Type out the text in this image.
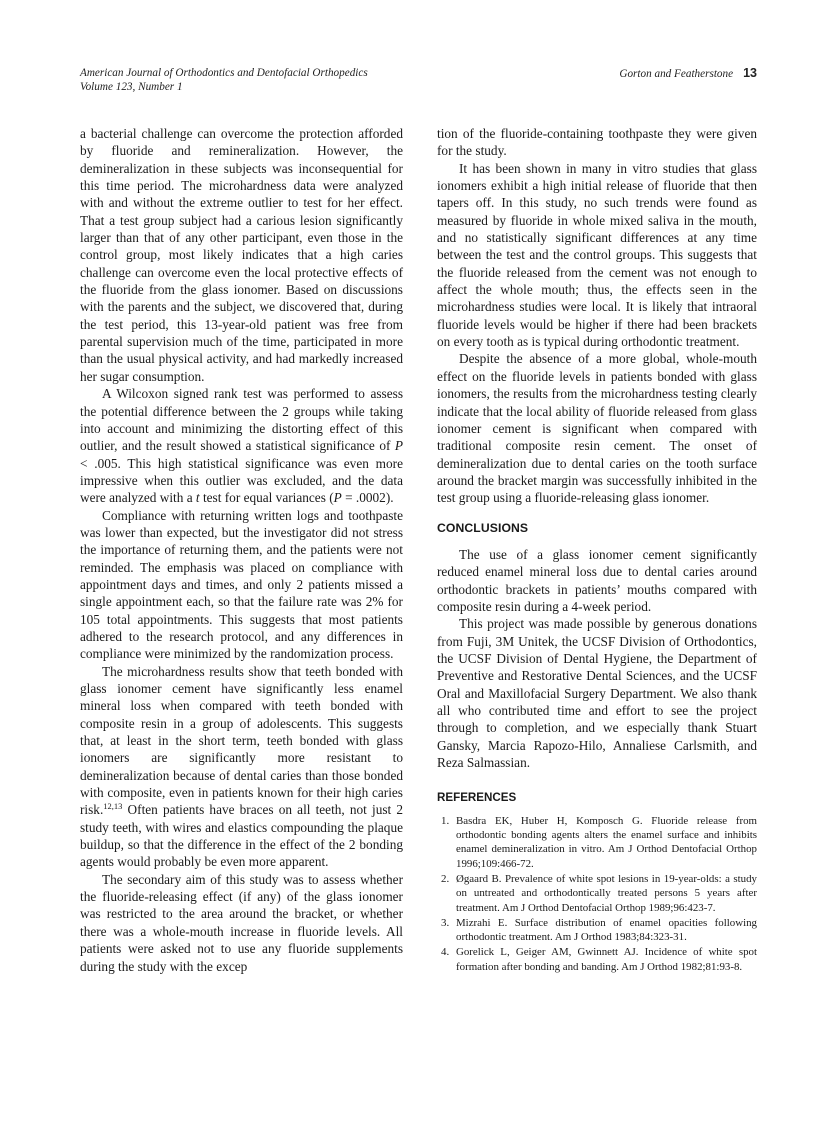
American Journal of Orthodontics and Dentofacial Orthopedics
Volume 123, Number 1
Gorton and Featherstone 13

a bacterial challenge can overcome the protection afforded by fluoride and remineralization. However, the demineralization in these subjects was inconsequential for this time period. The microhardness data were analyzed with and without the extreme outlier to test for her effect. That a test group subject had a carious lesion significantly larger than that of any other participant, even those in the control group, most likely indicates that a high caries challenge can overcome even the local protective effects of the fluoride from the glass ionomer. Based on discussions with the parents and the subject, we discovered that, during the test period, this 13-year-old patient was free from parental supervision much of the time, participated in more than the usual physical activity, and had markedly increased her sugar consumption.

A Wilcoxon signed rank test was performed to assess the potential difference between the 2 groups while taking into account and minimizing the distorting effect of this outlier, and the result showed a statistical significance of P < .005. This high statistical significance was even more impressive when this outlier was excluded, and the data were analyzed with a t test for equal variances (P = .0002).

Compliance with returning written logs and toothpaste was lower than expected, but the investigator did not stress the importance of returning them, and the patients were not reminded. The emphasis was placed on compliance with appointment days and times, and only 2 patients missed a single appointment each, so that the failure rate was 2% for 105 total appointments. This suggests that most patients adhered to the research protocol, and any differences in compliance were minimized by the randomization process.

The microhardness results show that teeth bonded with glass ionomer cement have significantly less enamel mineral loss when compared with teeth bonded with composite resin in a group of adolescents. This suggests that, at least in the short term, teeth bonded with glass ionomers are significantly more resistant to demineralization because of dental caries than those bonded with composite, even in patients known for their high caries risk.$^{12,13}$ Often patients have braces on all teeth, not just 2 study teeth, with wires and elastics compounding the plaque buildup, so that the difference in the effect of the 2 bonding agents would probably be even more apparent.

The secondary aim of this study was to assess whether the fluoride-releasing effect (if any) of the glass ionomer was restricted to the area around the bracket, or whether there was a whole-mouth increase in fluoride levels. All patients were asked not to use any fluoride supplements during the study with the excep

tion of the fluoride-containing toothpaste they were given for the study.

It has been shown in many in vitro studies that glass ionomers exhibit a high initial release of fluoride that then tapers off. In this study, no such trends were found as measured by fluoride in whole mixed saliva in the mouth, and no statistically significant differences at any time between the test and the control groups. This suggests that the fluoride released from the cement was not enough to affect the whole mouth; thus, the effects seen in the microhardness studies were local. It is likely that intraoral fluoride levels would be higher if there had been brackets on every tooth as is typical during orthodontic treatment.

Despite the absence of a more global, whole-mouth effect on the fluoride levels in patients bonded with glass ionomers, the results from the microhardness testing clearly indicate that the local ability of fluoride released from glass ionomer cement is significant when compared with traditional composite resin cement. The onset of demineralization due to dental caries on the tooth surface around the bracket margin was successfully inhibited in the test group using a fluoride-releasing glass ionomer.

CONCLUSIONS

The use of a glass ionomer cement significantly reduced enamel mineral loss due to dental caries around orthodontic brackets in patients’ mouths compared with composite resin during a 4-week period.

This project was made possible by generous donations from Fuji, 3M Unitek, the UCSF Division of Orthodontics, the UCSF Division of Dental Hygiene, the Department of Preventive and Restorative Dental Sciences, and the UCSF Oral and Maxillofacial Surgery Department. We also thank all who contributed time and effort to see the project through to completion, and we especially thank Stuart Gansky, Marcia Rapozo-Hilo, Annaliese Carlsmith, and Reza Salmassian.

REFERENCES
1. Basdra EK, Huber H, Komposch G. Fluoride release from orthodontic bonding agents alters the enamel surface and inhibits enamel demineralization in vitro. Am J Orthod Dentofacial Orthop 1996;109:466-72.
2. Øgaard B. Prevalence of white spot lesions in 19-year-olds: a study on untreated and orthodontically treated persons 5 years after treatment. Am J Orthod Dentofacial Orthop 1989;96:423-7.
3. Mizrahi E. Surface distribution of enamel opacities following orthodontic treatment. Am J Orthod 1983;84:323-31.
4. Gorelick L, Geiger AM, Gwinnett AJ. Incidence of white spot formation after bonding and banding. Am J Orthod 1982;81:93-8.
